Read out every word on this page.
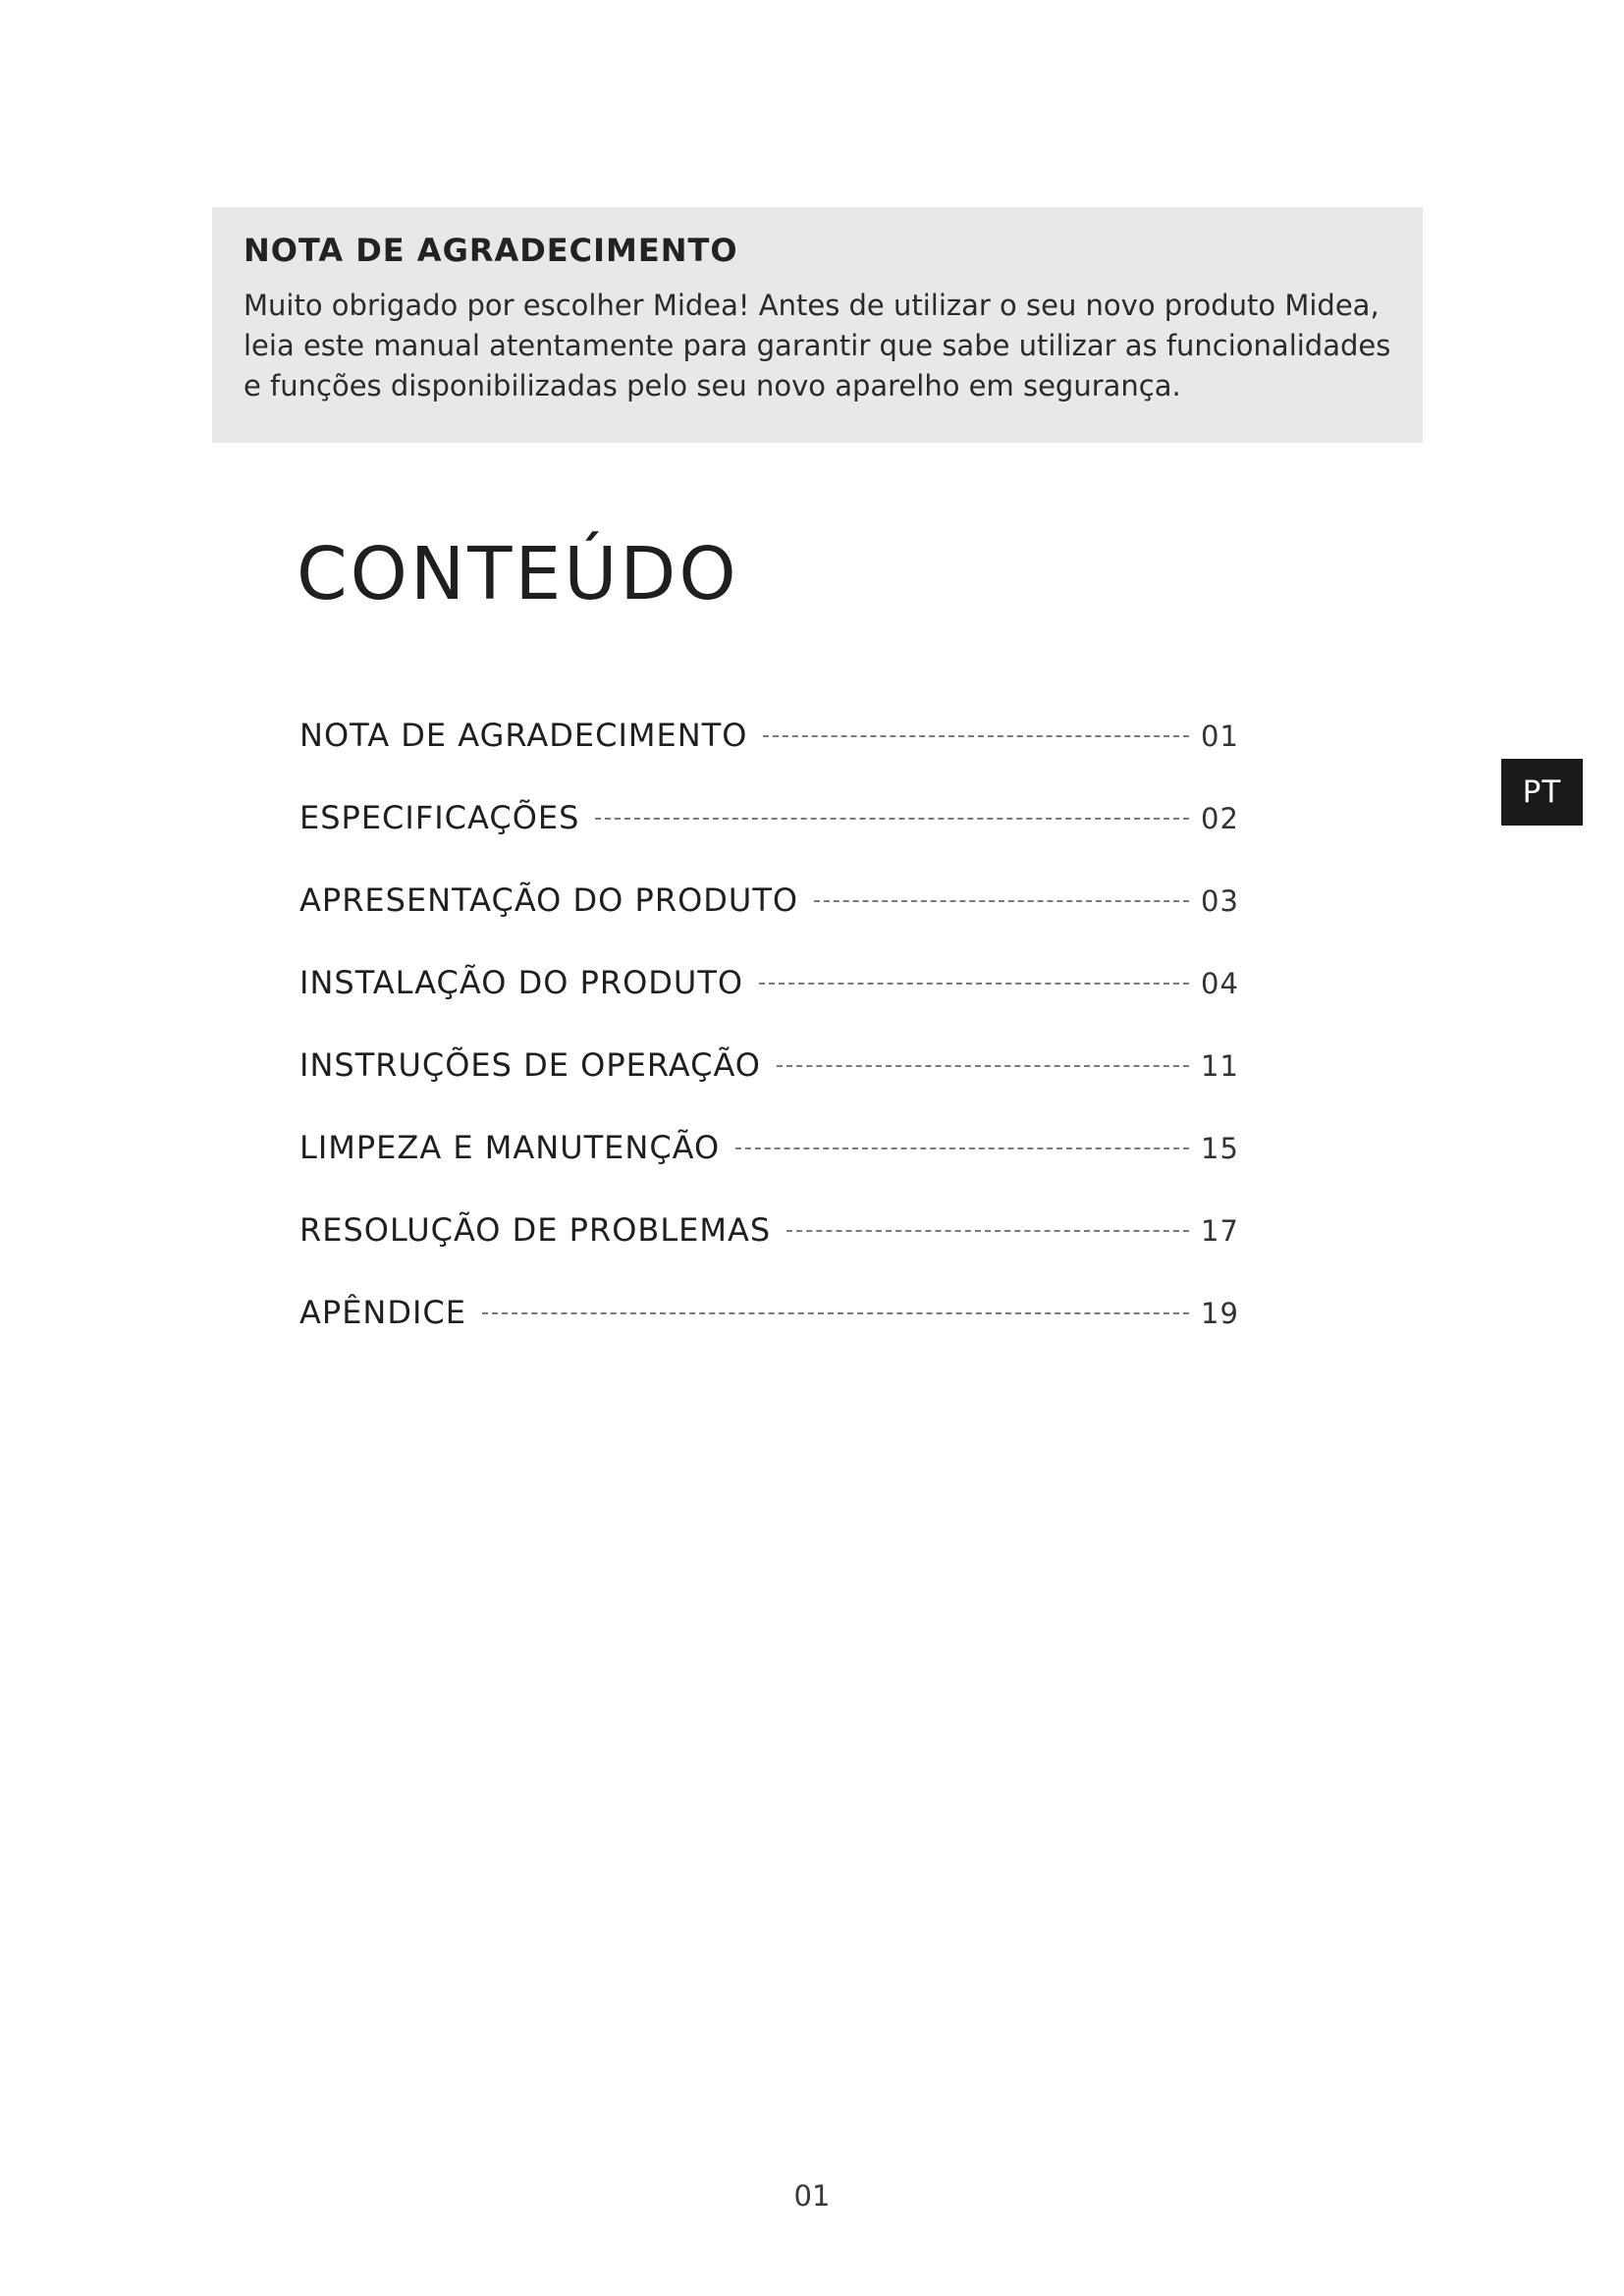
NOTA DE AGRADECIMENTO

Muito obrigado por escolher Midea! Antes de utilizar o seu novo produto Midea, leia este manual atentamente para garantir que sabe utilizar as funcionalidades e funções disponibilizadas pelo seu novo aparelho em segurança.

CONTEÚDO
NOTA DE AGRADECIMENTO	01
ESPECIFICAÇÕES	02
APRESENTAÇÃO DO PRODUTO	03
INSTALAÇÃO DO PRODUTO	04
INSTRUÇÕES DE OPERAÇÃO	11
LIMPEZA E MANUTENÇÃO	15
RESOLUÇÃO DE PROBLEMAS	17
APÊNDICE	19
PT
01
